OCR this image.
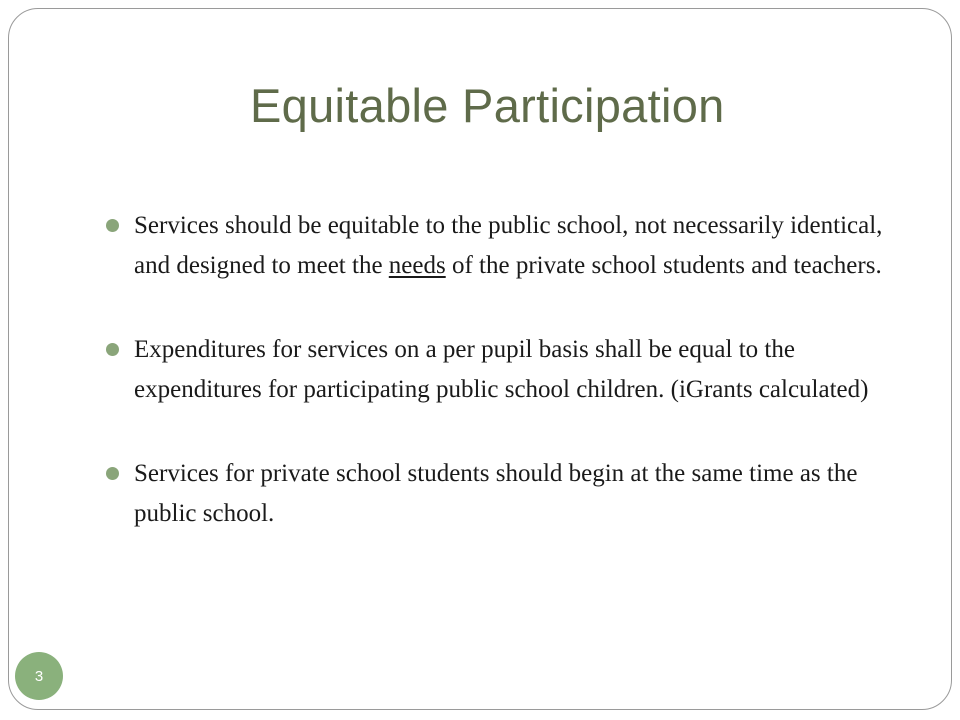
Equitable Participation
Services should be equitable to the public school, not necessarily identical, and designed to meet the needs of the private school students and teachers.
Expenditures for services on a per pupil basis shall be equal to the expenditures for participating public school children. (iGrants calculated)
Services for private school students should begin at the same time as the public school.
3
